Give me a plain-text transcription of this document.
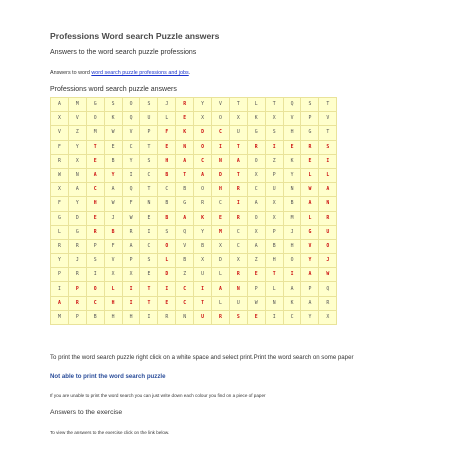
Professions Word search Puzzle answers
Answers to the word search puzzle professions
Answers to word word search puzzle professions and jobs.
Professions word search puzzle answers
A	M	G	S	O	S	J	R	Y	V	T	L	T	Q	S	T
X	V	O	K	Q	U	L	E	X	O	X	K	X	V	P	V
V	Z	M	W	V	P	F	K	D	C	U	G	S	H	G	T
F	Y	T	E	C	T	E	N	O	I	T	R	I	E	R	S
R	X	E	B	Y	S	H	A	C	N	A	O	Z	K	E	I
W	N	A	Y	I	C	B	T	A	D	T	X	P	Y	L	L
X	A	C	A	Q	T	C	B	O	H	R	C	U	N	W	A
F	Y	H	W	F	N	B	G	R	C	I	A	X	B	A	N
G	D	E	J	W	E	B	A	K	E	R	O	X	M	L	R
L	G	R	B	R	I	S	Q	Y	M	C	X	P	J	G	U
R	R	P	F	A	C	O	V	B	X	C	A	B	H	V	O
Y	J	S	V	P	S	L	B	X	D	X	Z	H	O	Y	J
P	R	I	X	X	E	D	Z	U	L	R	E	T	I	A	W
I	P	O	L	I	T	I	C	I	A	N	P	L	A	P	Q
A	R	C	H	I	T	E	C	T	L	U	W	N	K	A	R
M	P	B	H	H	I	R	N	U	R	S	E	I	C	Y	X
To print the word search puzzle right click on a white space and select print.Print the word search on some paper
Not able to print the word search puzzle
If you are unable to print the word search you can just write down each colour you find on a piece of paper
Answers to the exercise
To view the answers to the exercise click on the link below.
